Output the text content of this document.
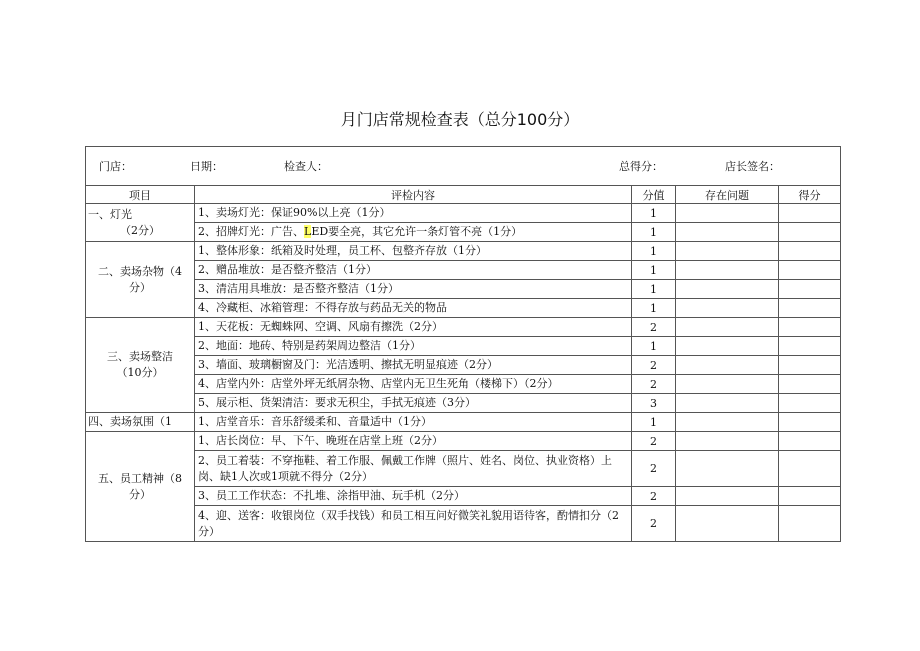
月门店常规检查表（总分100分）
门店： 日期： 检查人： 总得分： 店长签名：				

项目	评检内容	分值	存在问题	得分

一、灯光
（2分）	1、卖场灯光：保证90%以上亮（1分）	1		
	2、招牌灯光：广告、LED要全亮，其它允许一条灯管不亮（1分）	1		

二、卖场杂物（4
分）	1、整体形象：纸箱及时处理，员工杯、包整齐存放（1分）	1		
	2、赠品堆放：是否整齐整洁（1分）	1		
	3、清洁用具堆放：是否整齐整洁（1分）	1		
	4、冷藏柜、冰箱管理：不得存放与药品无关的物品	1		

三、卖场整洁
（10分）	1、天花板：无蜘蛛网、空调、风扇有擦洗（2分）	2		
	2、地面：地砖、特别是药架周边整洁（1分）	1		
	3、墙面、玻璃橱窗及门：光洁透明、擦拭无明显痕迹（2分）	2		
	4、店堂内外：店堂外坪无纸屑杂物、店堂内无卫生死角（楼梯下）（2分）	2		
	5、展示柜、货架清洁：要求无积尘，手拭无痕迹（3分）	3		
四、卖场氛围（1	1、店堂音乐：音乐舒缓柔和、音量适中（1分）	1		

五、员工精神（8
分）	1、店长岗位：早、下午、晚班在店堂上班（2分）	2		
	2、员工着装：不穿拖鞋、着工作服、佩戴工作牌（照片、姓名、岗位、执业资格）上岗、缺1人次或1项就不得分（2分）	2		
	3、员工工作状态：不扎堆、涂指甲油、玩手机（2分）	2		
	4、迎、送客：收银岗位（双手找钱）和员工相互问好微笑礼貌用语待客，酌情扣分（2分）	2		
